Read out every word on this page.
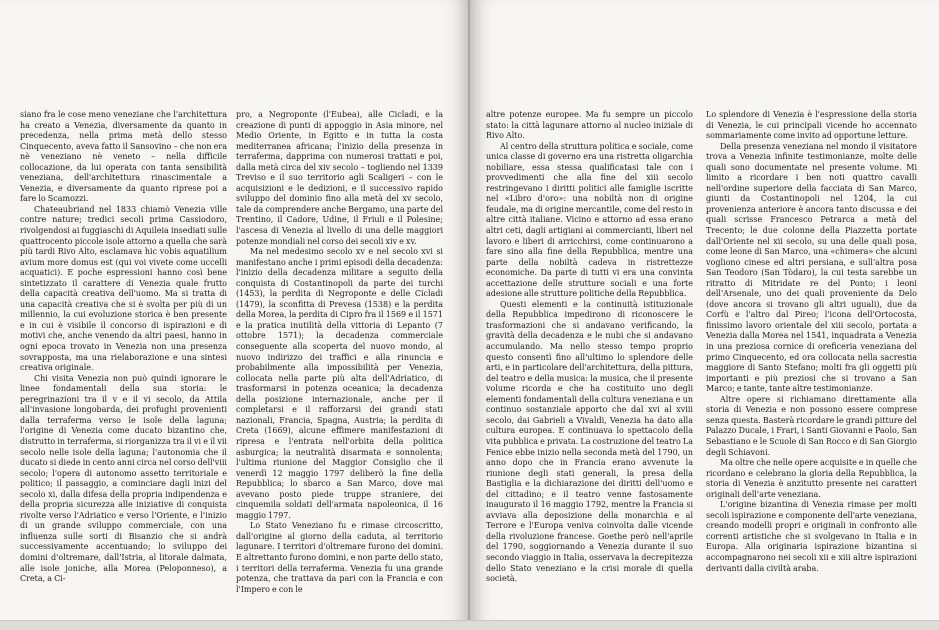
siano fra le cose meno veneziane che l'architettura ha creato a Venezia, diversamente da quanto in precedenza, nella prima metà dello stesso Cinquecento, aveva fatto il Sansovino – che non era nè veneziano nè veneto – nella difficile collocazione, da lui operata con tanta sensibilità veneziana, dell'architettura rinascimentale a Venezia, e diversamente da quanto riprese poi a fare lo Scamozzi.

Chateaubriand nel 1833 chiamò Venezia ville contre nature; tredici secoli prima Cassiodoro, rivolgendosi ai fuggiaschi di Aquileia insediati sulle quattrocento piccole isole attorno a quella che sarà più tardi Rivo Alto, esclamava hic vobis aquatilium avium more domus est (qui voi vivete come uccelli acquatici). E poche espressioni hanno così bene sintetizzato il carattere di Venezia quale frutto della capacità creativa dell'uomo. Ma si tratta di una capacità creativa che si è svolta per più di un millennio, la cui evoluzione storica è ben presente e in cui è visibile il concorso di ispirazioni e di motivi che, anche venendo da altri paesi, hanno in ogni epoca trovato in Venezia non una presenza sovrapposta, ma una rielaborazione e una sintesi creativa originale.

Chi visita Venezia non può quindi ignorare le linee fondamentali della sua storia: le peregrinazioni tra il v e il vi secolo, da Attila all'invasione longobarda, dei profughi provenienti dalla terraferma verso le isole della laguna; l'origine di Venezia come ducato bizantino che, distrutto in terraferma, si riorganizza tra il vi e il vii secolo nelle isole della laguna; l'autonomia che il ducato si diede in cento anni circa nel corso dell'viii secolo; l'opera di autonomo assetto territoriale e politico; il passaggio, a cominciare dagli inizi del secolo xi, dalla difesa della propria indipendenza e della propria sicurezza alle iniziative di conquista rivolte verso l'Adriatico e verso l'Oriente, e l'inizio di un grande sviluppo commerciale, con una influenza sulle sorti di Bisanzio che si andrà successivamente accentuando; lo sviluppo dei domini d'oltremare, dall'Istria, al litorale dalmata, alle isole joniche, alla Morea (Peloponneso), a Creta, a Ci-

pro, a Negroponte (l'Eubea), alle Cicladi, e la creazione di punti di appoggio in Asia minore, nel Medio Oriente, in Egitto e in tutta la costa mediterranea africana; l'inizio della presenza in terraferma, dapprima con numerosi trattati e poi, dalla metà circa del xiv secolo – togliendo nel 1339 Treviso e il suo territorio agli Scaligeri – con le acquisizioni e le dedizioni, e il successivo rapido sviluppo del dominio fino alla metà del xv secolo, tale da comprendere anche Bergamo, una parte del Trentino, il Cadore, Udine, il Friuli e il Polesine; l'ascesa di Venezia al livello di una delle maggiori potenze mondiali nel corso dei secoli xiv e xv.

Ma nel medesimo secolo xv e nel secolo xvi si manifestano anche i primi episodi della decadenza: l'inizio della decadenza militare a seguito della conquista di Costantinopoli da parte dei turchi (1453), la perdita di Negroponte e delle Cicladi (1479), la sconfitta di Prevesa (1538) e la perdita della Morea, la perdita di Cipro fra il 1569 e il 1571 e la pratica inutilità della vittoria di Lepanto (7 ottobre 1571); la decadenza commerciale conseguente alla scoperta del nuovo mondo, al nuovo indirizzo dei traffici e alla rinuncia e probabilmente alla impossibilità per Venezia, collocata nella parte più alta dell'Adriatico, di trasformarsi in potenza oceanica; la decadenza della posizione internazionale, anche per il completarsi e il rafforzarsi dei grandi stati nazionali, Francia, Spagna, Austria; la perdita di Creta (1669), alcune effimere manifestazioni di ripresa e l'entrata nell'orbita della politica asburgica; la neutralità disarmata e sonnolenta; l'ultima riunione del Maggior Consiglio che il venerdì 12 maggio 1797 deliberò la fine della Repubblica; lo sbarco a San Marco, dove mai avevano posto piede truppe straniere, dei cinquemila soldati dell'armata napoleonica, il 16 maggio 1797.

Lo Stato Veneziano fu e rimase circoscritto, dall'origine al giorno della caduta, al territorio lagunare. I territori d'oltremare furono dei domini. E altrettanto furono domini, e non parte dello stato, i territori della terraferma. Venezia fu una grande potenza, che trattava da pari con la Francia e con l'Impero e con le

altre potenze europee. Ma fu sempre un piccolo stato: la città lagunare attorno al nucleo iniziale di Rivo Alto.

Al centro della struttura politica e sociale, come unica classe di governo era una ristretta oligarchia nobiliare, essa stessa qualificatasi tale con i provvedimenti che alla fine del xiii secolo restringevano i diritti politici alle famiglie iscritte nel «Libro d'oro»: una nobiltà non di origine feudale, ma di origine mercantile, come del resto in altre città italiane. Vicino e attorno ad essa erano altri ceti, dagli artigiani ai commercianti, liberi nel lavoro e liberi di arricchirsi, come continuarono a fare sino alla fine della Repubblica, mentre una parte della nobiltà cadeva in ristrettezze economiche. Da parte di tutti vi era una convinta accettazione delle strutture sociali e una forte adesione alle strutture politiche della Repubblica.

Questi elementi e la continuità istituzionale della Repubblica impedirono di riconoscere le trasformazioni che si andavano verificando, la gravità della decadenza e le nubi che si andavano accumulando. Ma nello stesso tempo proprio questo consentì fino all'ultimo lo splendore delle arti, e in particolare dell'architettura, della pittura, del teatro e della musica: la musica, che il presente volume ricorda e che ha costituito uno degli elementi fondamentali della cultura veneziana e un continuo sostanziale apporto che dal xvi al xviii secolo, dai Gabrieli a Vivaldi, Venezia ha dato alla cultura europea. E continuava lo spettacolo della vita pubblica e privata. La costruzione del teatro La Fenice ebbe inizio nella seconda metà del 1790, un anno dopo che in Francia erano avvenute la riunione degli stati generali, la presa della Bastiglia e la dichiarazione dei diritti dell'uomo e del cittadino; e il teatro venne fastosamente inaugurato il 16 maggio 1792, mentre la Francia si avviava alla deposizione della monarchia e al Terrore e l'Europa veniva coinvolta dalle vicende della rivoluzione francese. Goethe però nell'aprile del 1790, soggiornando a Venezia durante il suo secondo viaggio in Italia, osservava la decrepitezza dello Stato veneziano e la crisi morale di quella società.

Lo splendore di Venezia è l'espressione della storia di Venezia, le cui principali vicende ho accennato sommariamente come invito ad opportune letture.

Della presenza veneziana nel mondo il visitatore trova a Venezia infinite testimonianze, molte delle quali sono documentate nel presente volume. Mi limito a ricordare i ben noti quattro cavalli nell'ordine superiore della facciata di San Marco, giunti da Costantinopoli nel 1204, la cui provenienza anteriore è ancora tanto discussa e dei quali scrisse Francesco Petrarca a metà del Trecento; le due colonne della Piazzetta portate dall'Oriente nel xii secolo, su una delle quali posa, come leone di San Marco, una «chimera» che alcuni vogliono cinese ed altri persiana, e sull'altra posa San Teodoro (San Tòdaro), la cui testa sarebbe un ritratto di Mitridate re del Ponto; i leoni dell'Arsenale, uno dei quali proveniente da Delo (dove ancora si trovano gli altri uguali), due da Corfù e l'altro dal Pireo; l'icona dell'Ortocosta, finissimo lavoro orientale del xiii secolo, portata a Venezia dalla Morea nel 1541, inquadrata a Venezia in una preziosa cornice di oreficeria veneziana del primo Cinquecento, ed ora collocata nella sacrestia maggiore di Santo Stefano; molti fra gli oggetti più importanti e più preziosi che si trovano a San Marco; e tante, tante altre testimonianze.

Altre opere si richiamano direttamente alla storia di Venezia e non possono essere comprese senza questa. Basterà ricordare le grandi pitture del Palazzo Ducale, i Frari, i Santi Giovanni e Paolo, San Sebastiano e le Scuole di San Rocco e di San Giorgio degli Schiavoni.

Ma oltre che nelle opere acquisite e in quelle che ricordano e celebrano la gloria della Repubblica, la storia di Venezia è anzitutto presente nei caratteri originali dell'arte veneziana.

L'origine bizantina di Venezia rimase per molti secoli ispirazione e componente dell'arte veneziana, creando modelli propri e originali in confronto alle correnti artistiche che si svolgevano in Italia e in Europa. Alla originaria ispirazione bizantina si accompagnarono nei secoli xii e xiii altre ispirazioni derivanti dalla civiltà araba.
